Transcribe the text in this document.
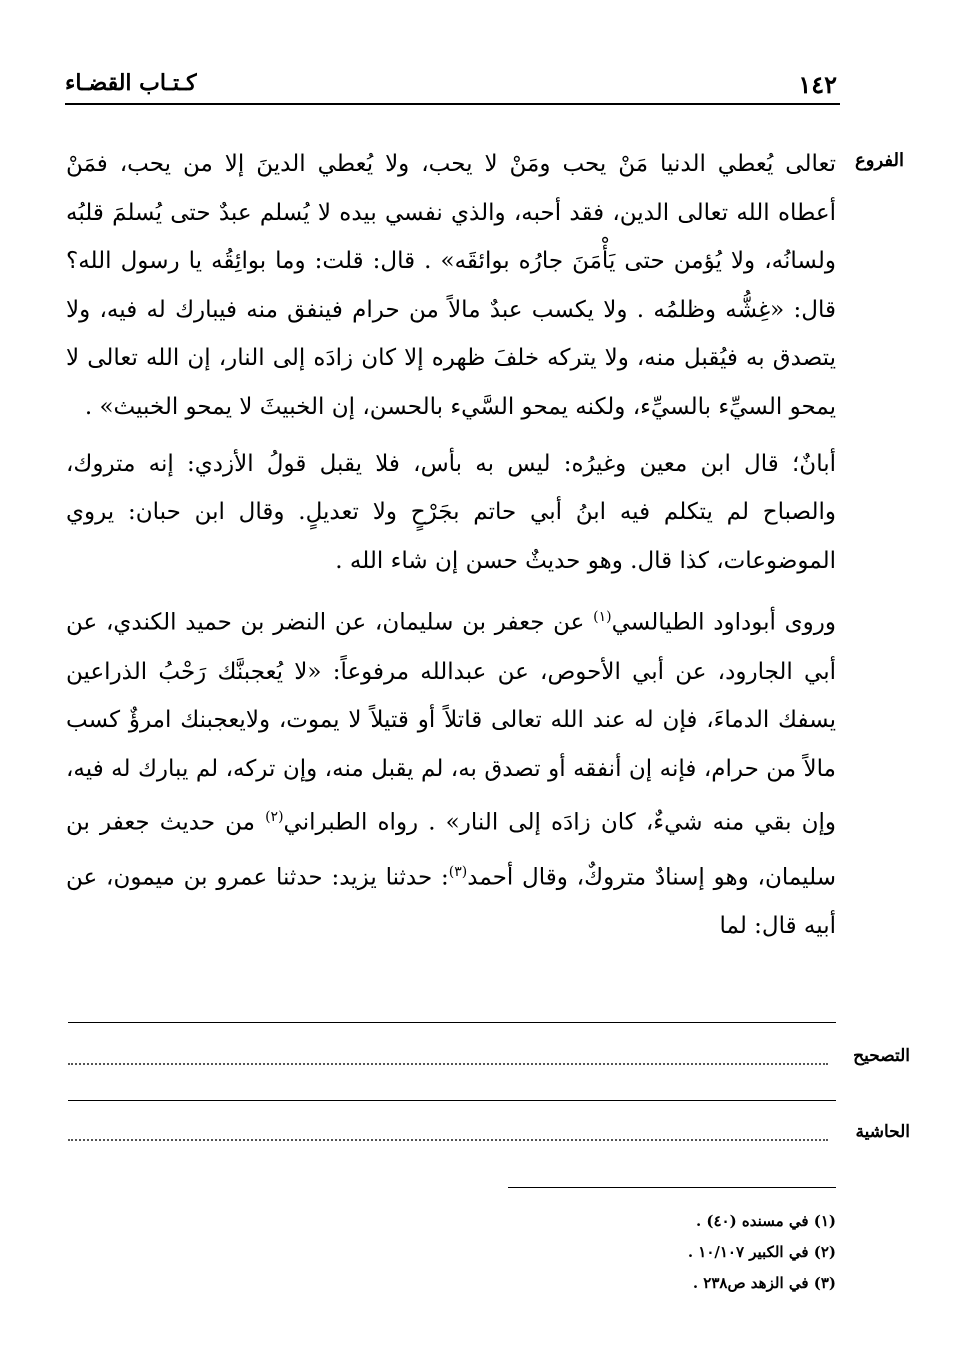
١٤٢
كـتـاب القضـاء
الفروع

تعالى يُعطي الدنيا مَنْ يحب ومَنْ لا يحب، ولا يُعطي الدينَ إلا من يحب، فمَنْ أعطاه الله تعالى الدين، فقد أحبه، والذي نفسي بيده لا يُسلم عبدٌ حتى يُسلمَ قلبُه ولسانُه، ولا يُؤمن حتى يَأْمَنَ جارُه بوائقَه» . قال: قلت: وما بوائِقُه يا رسول الله؟ قال: «غِشُّه وظلمُه . ولا يكسب عبدٌ مالاً من حرام فينفق منه فيبارك له فيه، ولا يتصدق به فيُقبل منه، ولا يتركه خلفَ ظهره إلا كان زادَه إلى النار، إن الله تعالى لا يمحو السيِّء بالسيِّء، ولكنه يمحو السَّيء بالحسن، إن الخبيثَ لا يمحو الخبيث» .

أبانٌ؛ قال ابن معين وغيرُه: ليس به بأس، فلا يقبل قولُ الأزدي: إنه متروك، والصباح لم يتكلم فيه ابنُ أبي حاتم بجَرْحٍ ولا تعديلٍ. وقال ابن حبان: يروي الموضوعات، كذا قال. وهو حديثٌ حسن إن شاء الله .

وروى أبوداود الطيالسي$^{(١)}$ عن جعفر بن سليمان، عن النضر بن حميد الكندي، عن أبي الجارود، عن أبي الأحوص، عن عبدالله مرفوعاً: «لا يُعجبنَّك رَحْبُ الذراعين يسفك الدماءَ، فإن له عند الله تعالى قاتلاً أو قتيلاً لا يموت، ولايعجبنك امرؤٌ كسب مالاً من حرام، فإنه إن أنفقه أو تصدق به، لم يقبل منه، وإن تركه، لم يبارك له فيه، وإن بقي منه شيءٌ، كان زادَه إلى النار» . رواه الطبراني$^{(٢)}$ من حديث جعفر بن سليمان، وهو إسنادٌ متروكٌ، وقال أحمد$^{(٣)}$: حدثنا يزيد: حدثنا عمرو بن ميمون، عن أبيه قال: لما

التصحيح
الحاشية
(١) في مسنده (٤٠) .
(٢) في الكبير ١٠/١٠٧ .
(٣) في الزهد ص٢٣٨ .
